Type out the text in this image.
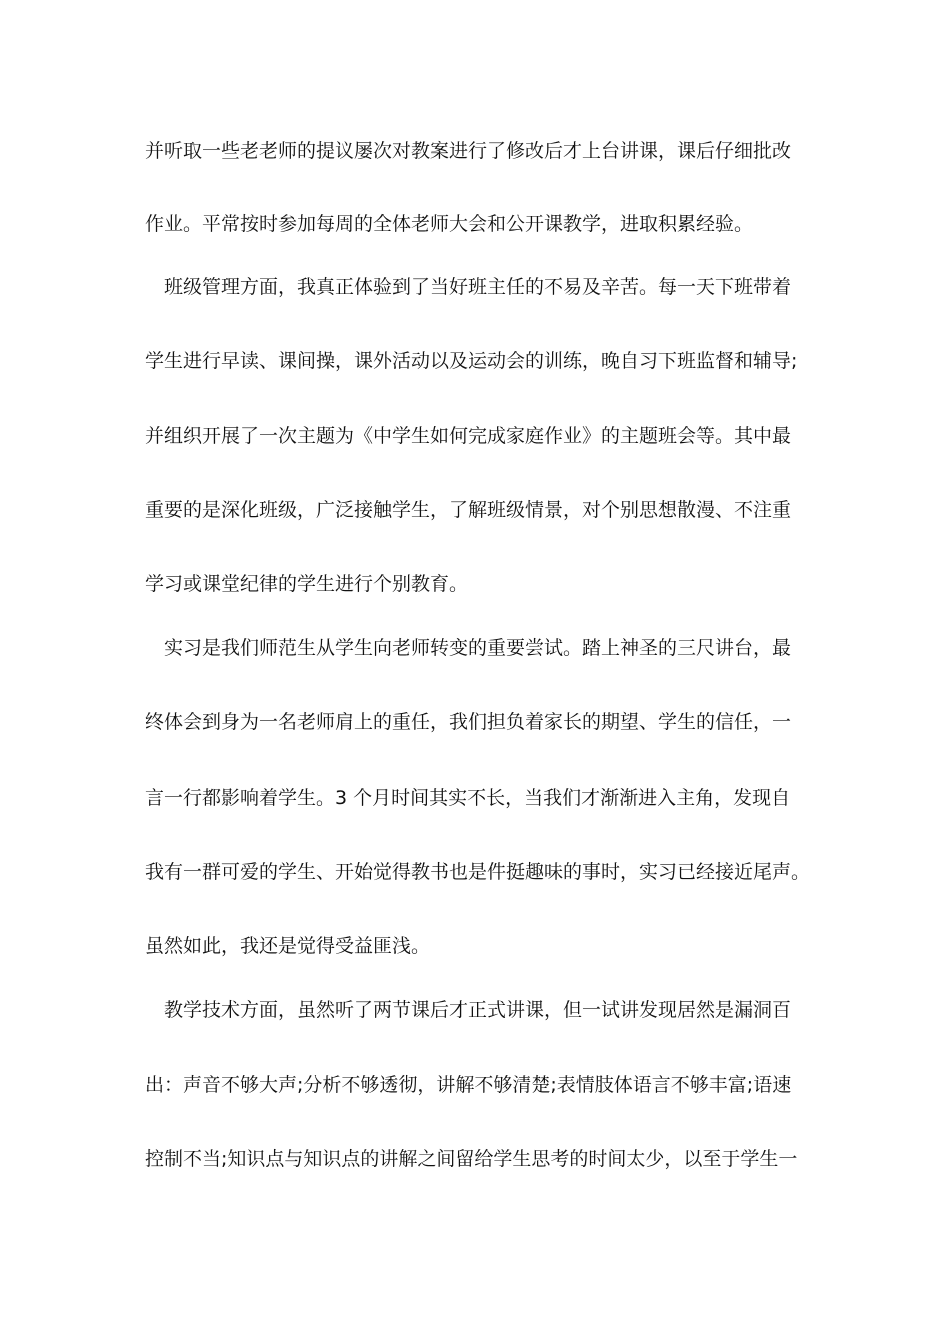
并听取一些老老师的提议屡次对教案进行了修改后才上台讲课，课后仔细批改
作业。平常按时参加每周的全体老师大会和公开课教学，进取积累经验。
班级管理方面，我真正体验到了当好班主任的不易及辛苦。每一天下班带着
学生进行早读、课间操，课外活动以及运动会的训练，晚自习下班监督和辅导;
并组织开展了一次主题为《中学生如何完成家庭作业》的主题班会等。其中最
重要的是深化班级，广泛接触学生，了解班级情景，对个别思想散漫、不注重
学习或课堂纪律的学生进行个别教育。
实习是我们师范生从学生向老师转变的重要尝试。踏上神圣的三尺讲台，最
终体会到身为一名老师肩上的重任，我们担负着家长的期望、学生的信任，一
言一行都影响着学生。3 个月时间其实不长，当我们才渐渐进入主角，发现自
我有一群可爱的学生、开始觉得教书也是件挺趣味的事时，实习已经接近尾声。
虽然如此，我还是觉得受益匪浅。
教学技术方面，虽然听了两节课后才正式讲课，但一试讲发现居然是漏洞百
出：声音不够大声;分析不够透彻，讲解不够清楚;表情肢体语言不够丰富;语速
控制不当;知识点与知识点的讲解之间留给学生思考的时间太少，以至于学生一
